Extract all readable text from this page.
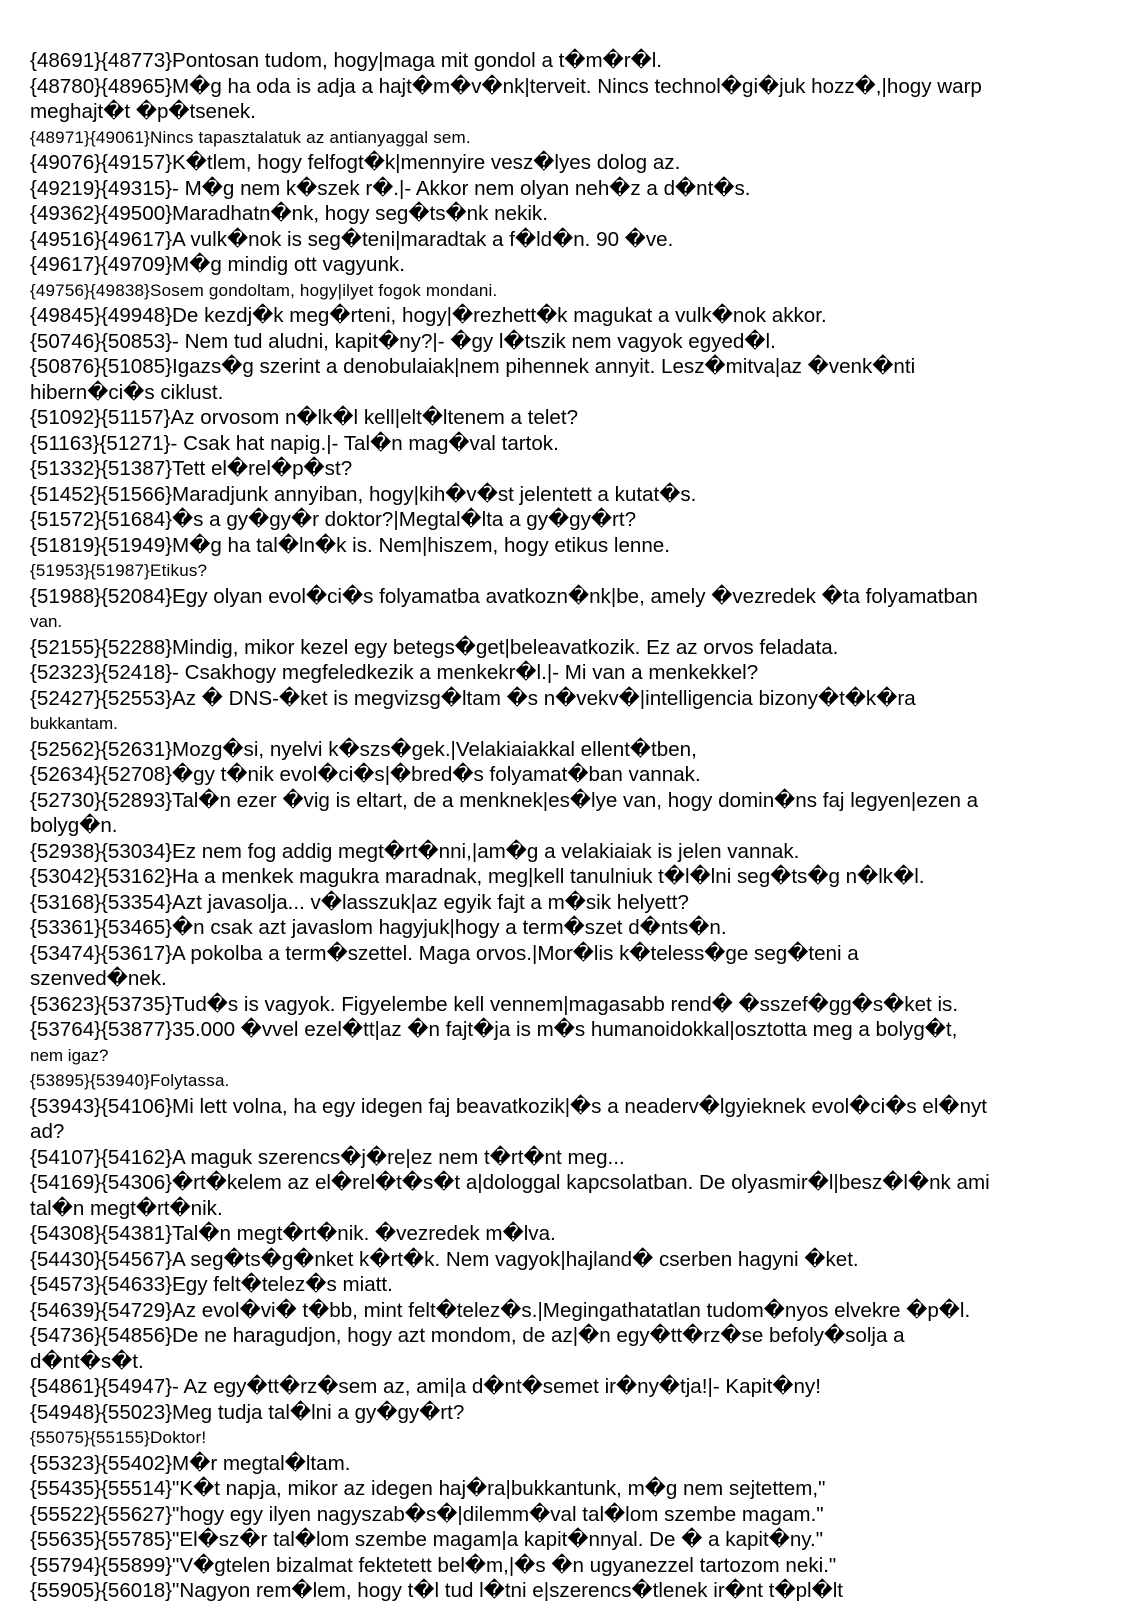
{48691}{48773}Pontosan tudom, hogy|maga mit gondol a t�m�r�l.
{48780}{48965}M�g ha oda is adja a hajt�m�v�nk|terveit. Nincs technol�gi�juk hozz�,|hogy warp
meghajt�t �p�tsenek.
{48971}{49061}Nincs tapasztalatuk az antianyaggal sem.
{49076}{49157}K�tlem, hogy felfogt�k|mennyire vesz�lyes dolog az.
{49219}{49315}- M�g nem k�szek r�.|- Akkor nem olyan neh�z a d�nt�s.
{49362}{49500}Maradhatn�nk, hogy seg�ts�nk nekik.
{49516}{49617}A vulk�nok is seg�teni|maradtak a f�ld�n. 90 �ve.
{49617}{49709}M�g mindig ott vagyunk.
{49756}{49838}Sosem gondoltam, hogy|ilyet fogok mondani.
{49845}{49948}De kezdj�k meg�rteni, hogy|�rezhett�k magukat a vulk�nok akkor.
{50746}{50853}- Nem tud aludni, kapit�ny?|- �gy l�tszik nem vagyok egyed�l.
{50876}{51085}Igazs�g szerint a denobulaiak|nem pihennek annyit. Lesz�mitva|az �venk�nti
hibern�ci�s ciklust.
{51092}{51157}Az orvosom n�lk�l kell|elt�ltenem a telet?
{51163}{51271}- Csak hat napig.|- Tal�n mag�val tartok.
{51332}{51387}Tett el�rel�p�st?
{51452}{51566}Maradjunk annyiban, hogy|kih�v�st jelentett a kutat�s.
{51572}{51684}�s a gy�gy�r doktor?|Megtal�lta a gy�gy�rt?
{51819}{51949}M�g ha tal�ln�k is. Nem|hiszem, hogy etikus lenne.
{51953}{51987}Etikus?
{51988}{52084}Egy olyan evol�ci�s folyamatba avatkozn�nk|be, amely �vezredek �ta folyamatban
van.
{52155}{52288}Mindig, mikor kezel egy betegs�get|beleavatkozik. Ez az orvos feladata.
{52323}{52418}- Csakhogy megfeledkezik a menkekr�l.|- Mi van a menkekkel?
{52427}{52553}Az � DNS-�ket is megvizsg�ltam �s n�vekv�|intelligencia bizony�t�k�ra
bukkantam.
{52562}{52631}Mozg�si, nyelvi k�szs�gek.|Velakiaiakkal ellent�tben,
{52634}{52708}�gy t�nik evol�ci�s|�bred�s folyamat�ban vannak.
{52730}{52893}Tal�n ezer �vig is eltart, de a menknek|es�lye van, hogy domin�ns faj legyen|ezen a
bolyg�n.
{52938}{53034}Ez nem fog addig megt�rt�nni,|am�g a velakiaiak is jelen vannak.
{53042}{53162}Ha a menkek magukra maradnak, meg|kell tanulniuk t�l�lni seg�ts�g n�lk�l.
{53168}{53354}Azt javasolja... v�lasszuk|az egyik fajt a m�sik helyett?
{53361}{53465}�n csak azt javaslom hagyjuk|hogy a term�szet d�nts�n.
{53474}{53617}A pokolba a term�szettel. Maga orvos.|Mor�lis k�teless�ge seg�teni a
szenved�nek.
{53623}{53735}Tud�s is vagyok. Figyelembe kell vennem|magasabb rend� �sszef�gg�s�ket is.
{53764}{53877}35.000 �vvel ezel�tt|az �n fajt�ja is m�s humanoidokkal|osztotta meg a bolyg�t,
nem igaz?
{53895}{53940}Folytassa.
{53943}{54106}Mi lett volna, ha egy idegen faj beavatkozik|�s a neaderv�lgyieknek evol�ci�s el�nyt
ad?
{54107}{54162}A maguk szerencs�j�re|ez nem t�rt�nt meg...
{54169}{54306}�rt�kelem az el�rel�t�s�t a|dologgal kapcsolatban. De olyasmir�l|besz�l�nk ami
tal�n megt�rt�nik.
{54308}{54381}Tal�n megt�rt�nik. �vezredek m�lva.
{54430}{54567}A seg�ts�g�nket k�rt�k. Nem vagyok|hajland� cserben hagyni �ket.
{54573}{54633}Egy felt�telez�s miatt.
{54639}{54729}Az evol�vi� t�bb, mint felt�telez�s.|Megingathatatlan tudom�nyos elvekre �p�l.
{54736}{54856}De ne haragudjon, hogy azt mondom, de az|�n egy�tt�rz�se befoly�solja a
d�nt�s�t.
{54861}{54947}- Az egy�tt�rz�sem az, ami|a d�nt�semet ir�ny�tja!|- Kapit�ny!
{54948}{55023}Meg tudja tal�lni a gy�gy�rt?
{55075}{55155}Doktor!
{55323}{55402}M�r megtal�ltam.
{55435}{55514}"K�t napja, mikor az idegen haj�ra|bukkantunk, m�g nem sejtettem,"
{55522}{55627}"hogy egy ilyen nagyszab�s�|dilemm�val tal�lom szembe magam."
{55635}{55785}"El�sz�r tal�lom szembe magam|a kapit�nnyal. De � a kapit�ny."
{55794}{55899}"V�gtelen bizalmat fektetett bel�m,|�s �n ugyanezzel tartozom neki."
{55905}{56018}"Nagyon rem�lem, hogy t�l tud l�tni e|szerencs�tlenek ir�nt t�pl�lt
